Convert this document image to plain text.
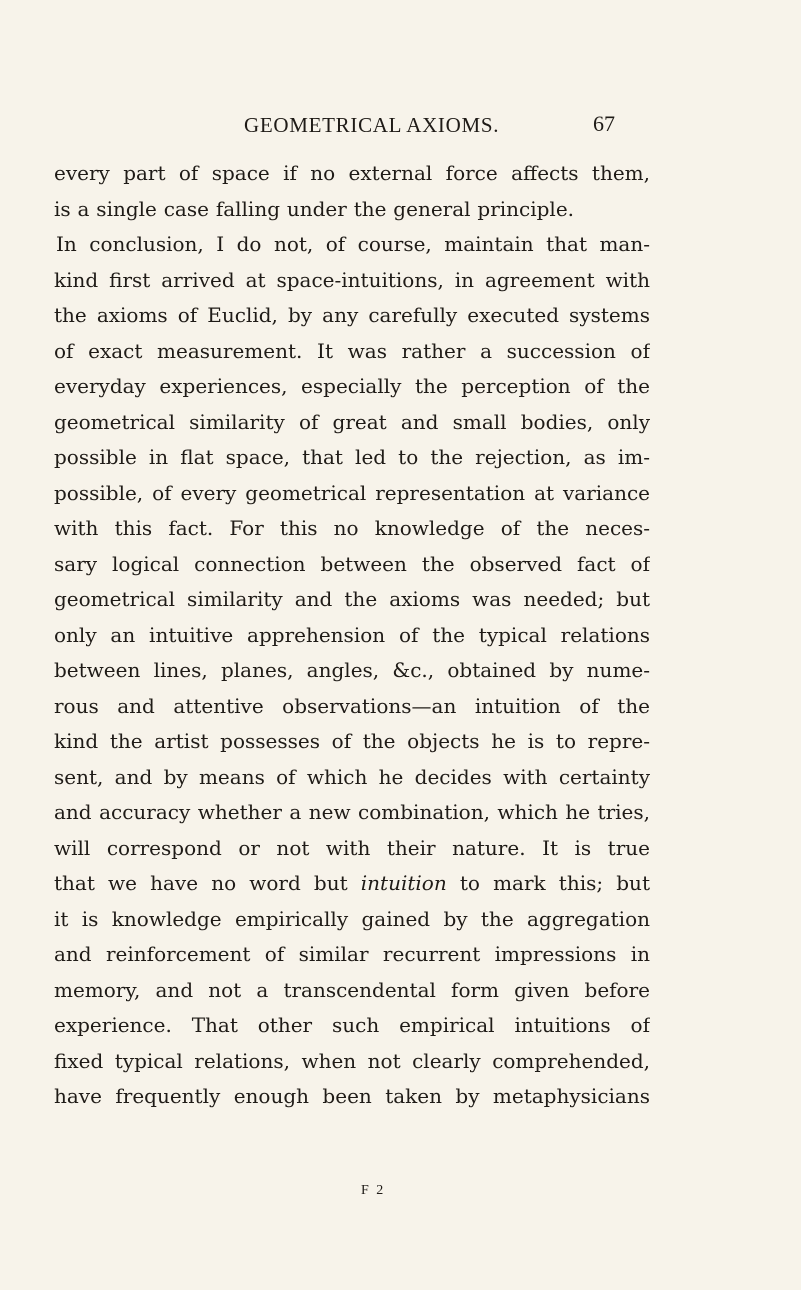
GEOMETRICAL AXIOMS.	67
every part of space if no external force affects them,
is a single case falling under the general principle.
In conclusion, I do not, of course, maintain that man-
kind first arrived at space-intuitions, in agreement with
the axioms of Euclid, by any carefully executed systems
of exact measurement. It was rather a succession of
everyday experiences, especially the perception of the
geometrical similarity of great and small bodies, only
possible in flat space, that led to the rejection, as im-
possible, of every geometrical representation at variance
with this fact. For this no knowledge of the neces-
sary logical connection between the observed fact of
geometrical similarity and the axioms was needed; but
only an intuitive apprehension of the typical relations
between lines, planes, angles, &c., obtained by nume-
rous and attentive observations—an intuition of the
kind the artist possesses of the objects he is to repre-
sent, and by means of which he decides with certainty
and accuracy whether a new combination, which he tries,
will correspond or not with their nature. It is true
that we have no word but intuition to mark this; but
it is knowledge empirically gained by the aggregation
and reinforcement of similar recurrent impressions in
memory, and not a transcendental form given before
experience. That other such empirical intuitions of
fixed typical relations, when not clearly comprehended,
have frequently enough been taken by metaphysicians
F 2
